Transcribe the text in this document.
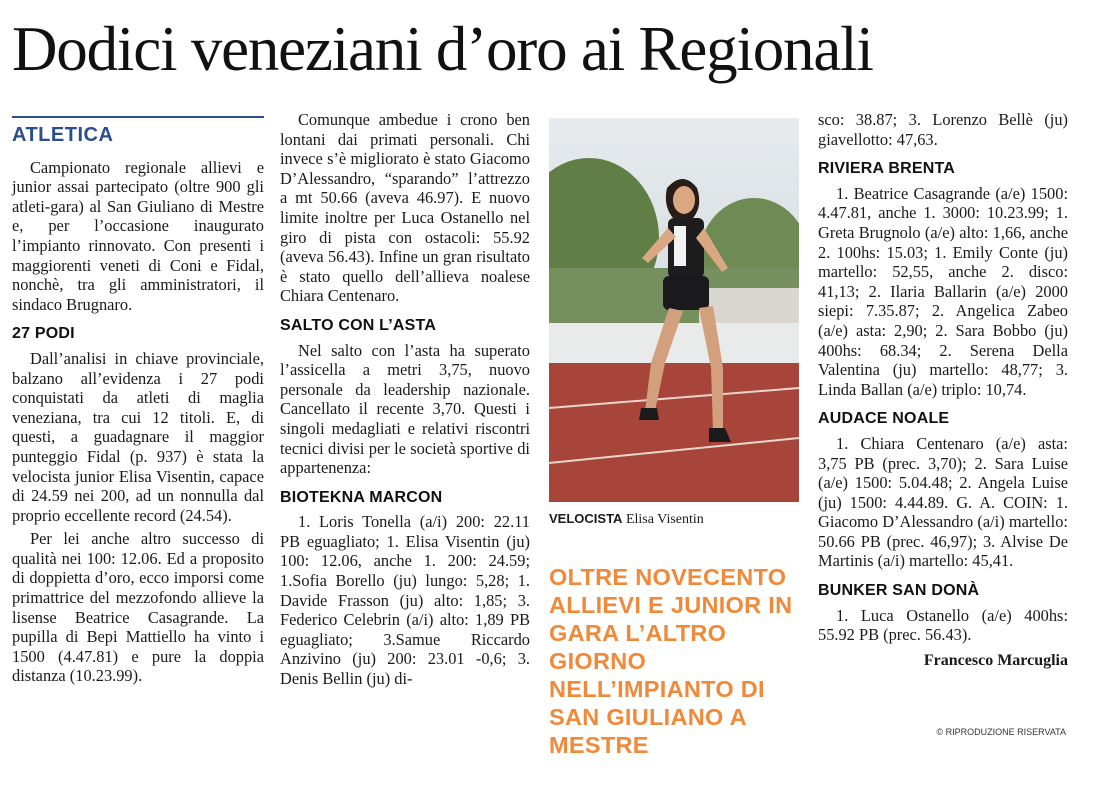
Dodici veneziani d’oro ai Regionali
ATLETICA

Campionato regionale allievi e junior assai partecipato (oltre 900 gli atleti-gara) al San Giuliano di Mestre e, per l’occasione inaugurato l’impianto rinnovato. Con presenti i maggiorenti veneti di Coni e Fidal, nonchè, tra gli amministratori, il sindaco Brugnaro.

27 PODI

Dall’analisi in chiave provinciale, balzano all’evidenza i 27 podi conquistati da atleti di maglia veneziana, tra cui 12 titoli. E, di questi, a guadagnare il maggior punteggio Fidal (p. 937) è stata la velocista junior Elisa Visentin, capace di 24.59 nei 200, ad un nonnulla dal proprio eccellente record (24.54).

Per lei anche altro successo di qualità nei 100: 12.06. Ed a proposito di doppietta d’oro, ecco imporsi come primattrice del mezzofondo allieve la lisense Beatrice Casagrande. La pupilla di Bepi Mattiello ha vinto i 1500 (4.47.81) e pure la doppia distanza (10.23.99).

Comunque ambedue i crono ben lontani dai primati personali. Chi invece s’è migliorato è stato Giacomo D’Alessandro, “sparando” l’attrezzo a mt 50.66 (aveva 46.97). E nuovo limite inoltre per Luca Ostanello nel giro di pista con ostacoli: 55.92 (aveva 56.43). Infine un gran risultato è stato quello dell’allieva noalese Chiara Centenaro.

SALTO CON L’ASTA

Nel salto con l’asta ha superato l’assicella a metri 3,75, nuovo personale da leadership nazionale. Cancellato il recente 3,70. Questi i singoli medagliati e relativi riscontri tecnici divisi per le società sportive di appartenenza:

BIOTEKNA MARCON

1. Loris Tonella (a/i) 200: 22.11 PB eguagliato; 1. Elisa Visentin (ju) 100: 12.06, anche 1. 200: 24.59; 1.Sofia Borello (ju) lungo: 5,28; 1. Davide Frasson (ju) alto: 1,85; 3. Federico Celebrin (a/i) alto: 1,89 PB eguagliato; 3.Samue Riccardo Anzivino (ju) 200: 23.01 -0,6; 3. Denis Bellin (ju) di-

VELOCISTA Elisa Visentin
OLTRE NOVECENTO ALLIEVI E JUNIOR IN GARA L’ALTRO GIORNO NELL’IMPIANTO DI SAN GIULIANO A MESTRE

sco: 38.87; 3. Lorenzo Bellè (ju) giavellotto: 47,63.

RIVIERA BRENTA

1. Beatrice Casagrande (a/e) 1500: 4.47.81, anche 1. 3000: 10.23.99; 1. Greta Brugnolo (a/e) alto: 1,66, anche 2. 100hs: 15.03; 1. Emily Conte (ju) martello: 52,55, anche 2. disco: 41,13; 2. Ilaria Ballarin (a/e) 2000 siepi: 7.35.87; 2. Angelica Zabeo (a/e) asta: 2,90; 2. Sara Bobbo (ju) 400hs: 68.34; 2. Serena Della Valentina (ju) martello: 48,77; 3. Linda Ballan (a/e) triplo: 10,74.

AUDACE NOALE

1. Chiara Centenaro (a/e) asta: 3,75 PB (prec. 3,70); 2. Sara Luise (a/e) 1500: 5.04.48; 2. Angela Luise (ju) 1500: 4.44.89. G. A. COIN: 1. Giacomo D’Alessandro (a/i) martello: 50.66 PB (prec. 46,97); 3. Alvise De Martinis (a/i) martello: 45,41.

BUNKER SAN DONÀ

1. Luca Ostanello (a/e) 400hs: 55.92 PB (prec. 56.43).

Francesco Marcuglia
© RIPRODUZIONE RISERVATA
